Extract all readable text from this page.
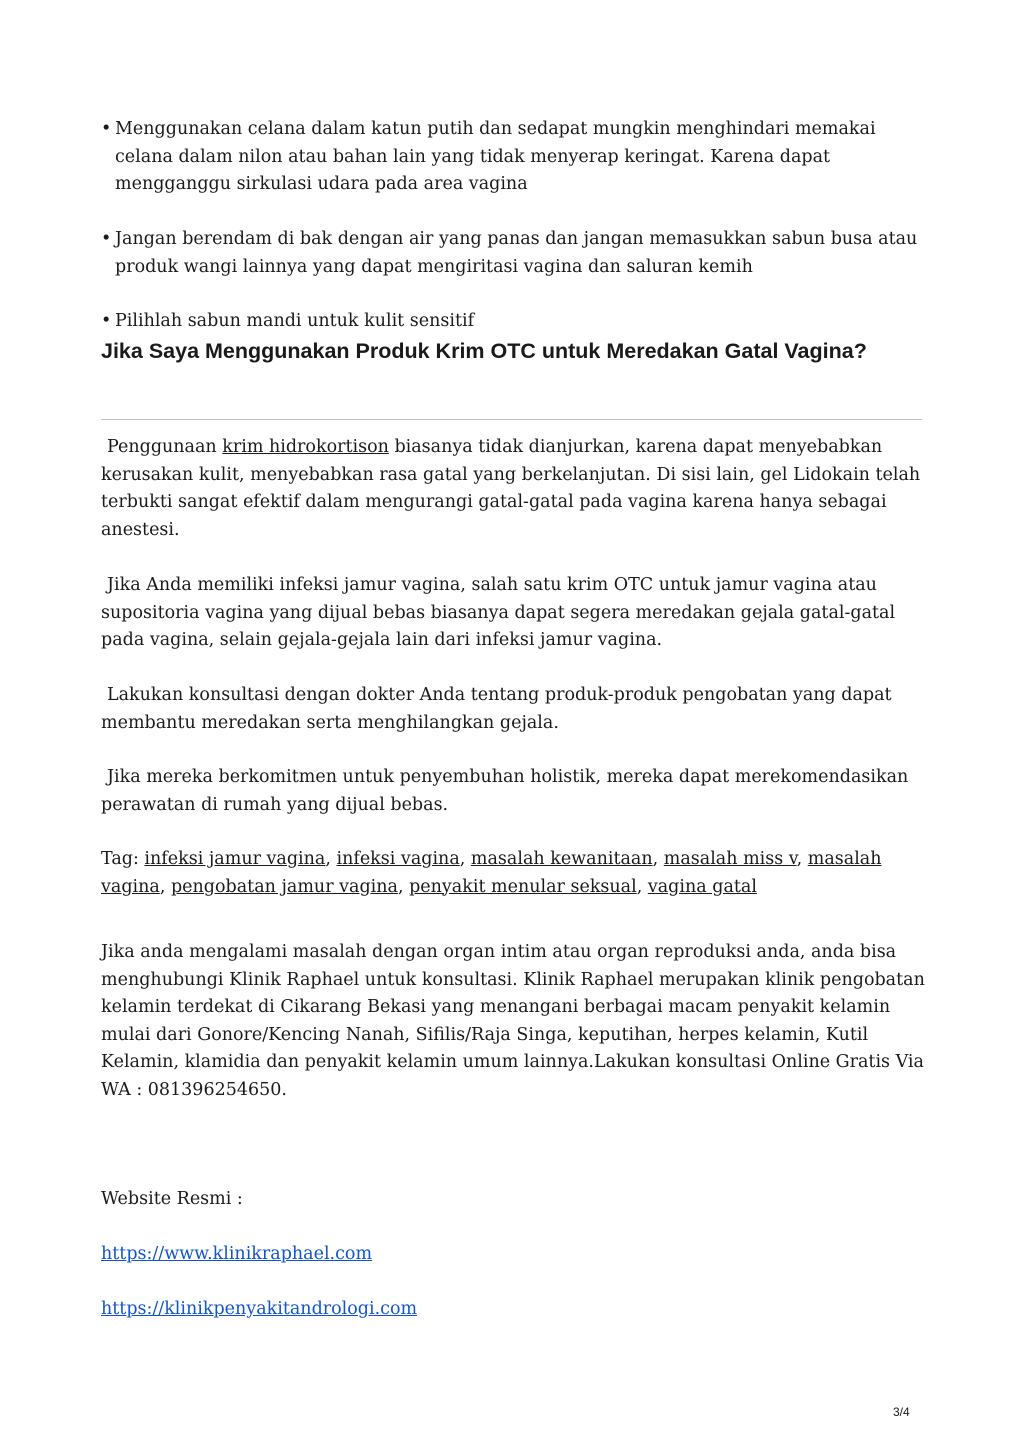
• Menggunakan celana dalam katun putih dan sedapat mungkin menghindari memakai celana dalam nilon atau bahan lain yang tidak menyerap keringat. Karena dapat mengganggu sirkulasi udara pada area vagina
• Jangan berendam di bak dengan air yang panas dan jangan memasukkan sabun busa atau produk wangi lainnya yang dapat mengiritasi vagina dan saluran kemih
• Pilihlah sabun mandi untuk kulit sensitif
Jika Saya Menggunakan Produk Krim OTC untuk Meredakan Gatal Vagina?
Penggunaan krim hidrokortison biasanya tidak dianjurkan, karena dapat menyebabkan kerusakan kulit, menyebabkan rasa gatal yang berkelanjutan. Di sisi lain, gel Lidokain telah terbukti sangat efektif dalam mengurangi gatal-gatal pada vagina karena hanya sebagai anestesi.
Jika Anda memiliki infeksi jamur vagina, salah satu krim OTC untuk jamur vagina atau supositoria vagina yang dijual bebas biasanya dapat segera meredakan gejala gatal-gatal pada vagina, selain gejala-gejala lain dari infeksi jamur vagina.
Lakukan konsultasi dengan dokter Anda tentang produk-produk pengobatan yang dapat membantu meredakan serta menghilangkan gejala.
Jika mereka berkomitmen untuk penyembuhan holistik, mereka dapat merekomendasikan perawatan di rumah yang dijual bebas.
Tag: infeksi jamur vagina, infeksi vagina, masalah kewanitaan, masalah miss v, masalah vagina, pengobatan jamur vagina, penyakit menular seksual, vagina gatal
Jika anda mengalami masalah dengan organ intim atau organ reproduksi anda, anda bisa menghubungi Klinik Raphael untuk konsultasi. Klinik Raphael merupakan klinik pengobatan kelamin terdekat di Cikarang Bekasi yang menangani berbagai macam penyakit kelamin mulai dari Gonore/Kencing Nanah, Sifilis/Raja Singa, keputihan, herpes kelamin, Kutil Kelamin, klamidia dan penyakit kelamin umum lainnya.Lakukan konsultasi Online Gratis Via WA : 081396254650.
Website Resmi :
https://www.klinikraphael.com
https://klinikpenyakitandrologi.com
3/4
